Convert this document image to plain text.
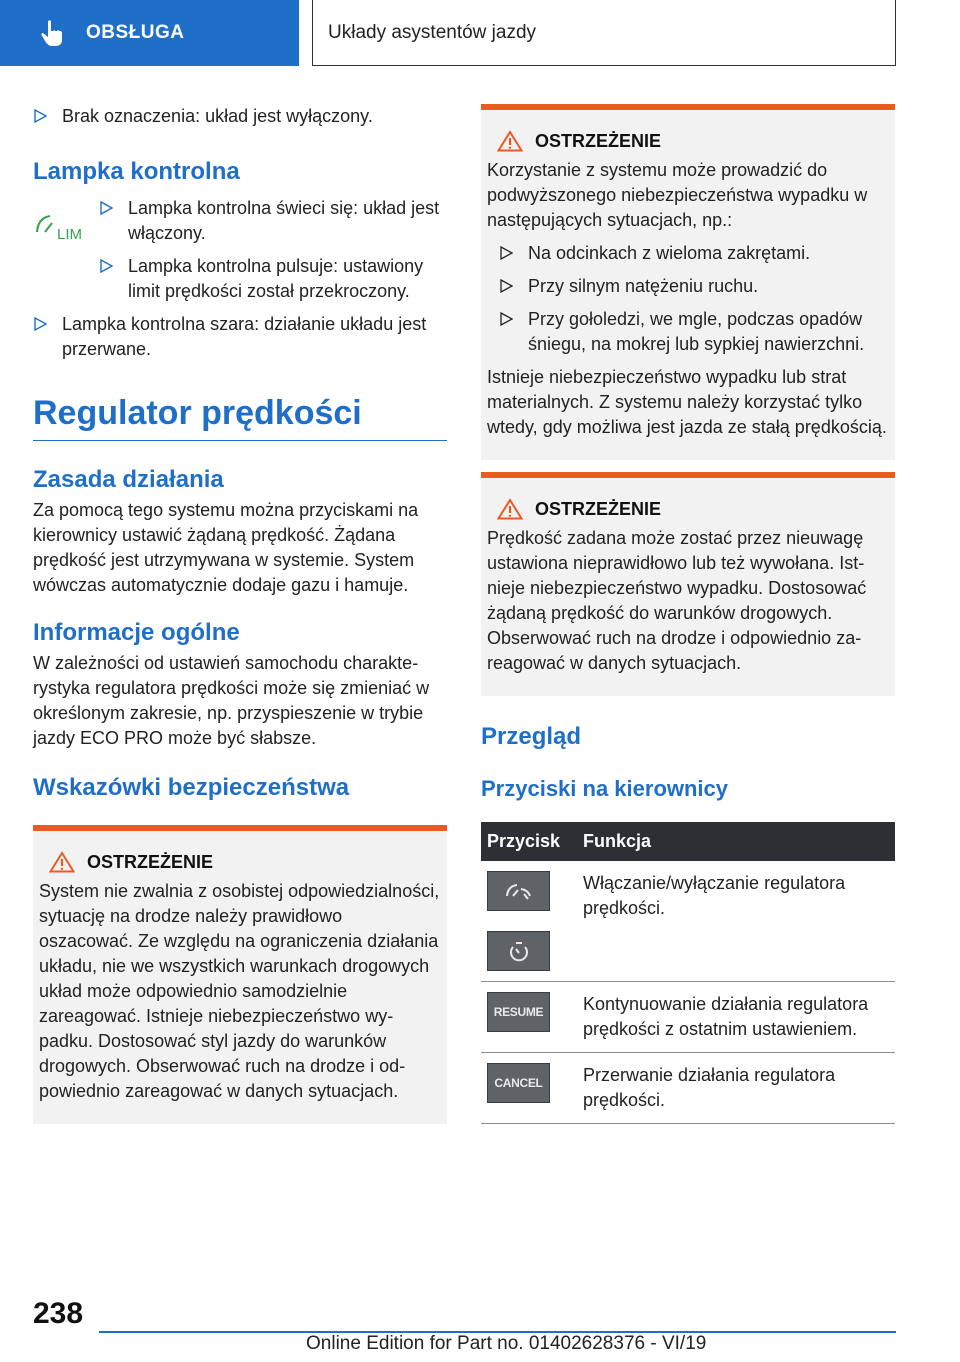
OBSŁUGA	Układy asystentów jazdy
Brak oznaczenia: układ jest wyłączony.
Lampka kontrolna
LIM
Lampka kontrolna świeci się: układ jest włączony.
Lampka kontrolna pulsuje: ustawiony limit prędkości został przekroczony.
Lampka kontrolna szara: działanie układu jest przerwane.
Regulator prędkości
Zasada działania

Za pomocą tego systemu można przyciskami na kierownicy ustawić żądaną prędkość. Żądana prędkość jest utrzymywana w systemie. System wówczas automatycznie dodaje gazu i hamuje.

Informacje ogólne

W zależności od ustawień samochodu charakterystyka regulatora prędkości może się zmieniać w określonym zakresie, np. przyspieszenie w trybie jazdy ECO PRO może być słabsze.

Wskazówki bezpieczeństwa
OSTRZEŻENIE

System nie zwalnia z osobistej odpowiedzialności, sytuację na drodze należy prawidłowo oszacować. Ze względu na ograniczenia działania układu, nie we wszystkich warunkach drogowych układ może odpowiednio samodzielnie zareagować. Istnieje niebezpieczeństwo wypadku. Dostosować styl jazdy do warunków drogowych. Obserwować ruch na drodze i odpowiednio zareagować w danych sytuacjach.

OSTRZEŻENIE

Korzystanie z systemu może prowadzić do podwyższonego niebezpieczeństwa wypadku w następujących sytuacjach, np.:

Na odcinkach z wieloma zakrętami.
Przy silnym natężeniu ruchu.
Przy gołoledzi, we mgle, podczas opadów śniegu, na mokrej lub sypkiej nawierzchni.

Istnieje niebezpieczeństwo wypadku lub strat materialnych. Z systemu należy korzystać tylko wtedy, gdy możliwa jest jazda ze stałą prędkością.

OSTRZEŻENIE

Prędkość zadana może zostać przez nieuwagę ustawiona nieprawidłowo lub też wywołana. Istnieje niebezpieczeństwo wypadku. Dostosować żądaną prędkość do warunków drogowych. Obserwować ruch na drodze i odpowiednio zareagować w danych sytuacjach.

Przegląd
Przyciski na kierownicy
Przycisk	Funkcja

	Włączanie/wyłączanie regulatora prędkości.

RESUME	Kontynuowanie działania regulatora prędkości z ostatnim ustawieniem.

CANCEL	Przerwanie działania regulatora prędkości.
238
Online Edition for Part no. 01402628376 - VI/19
